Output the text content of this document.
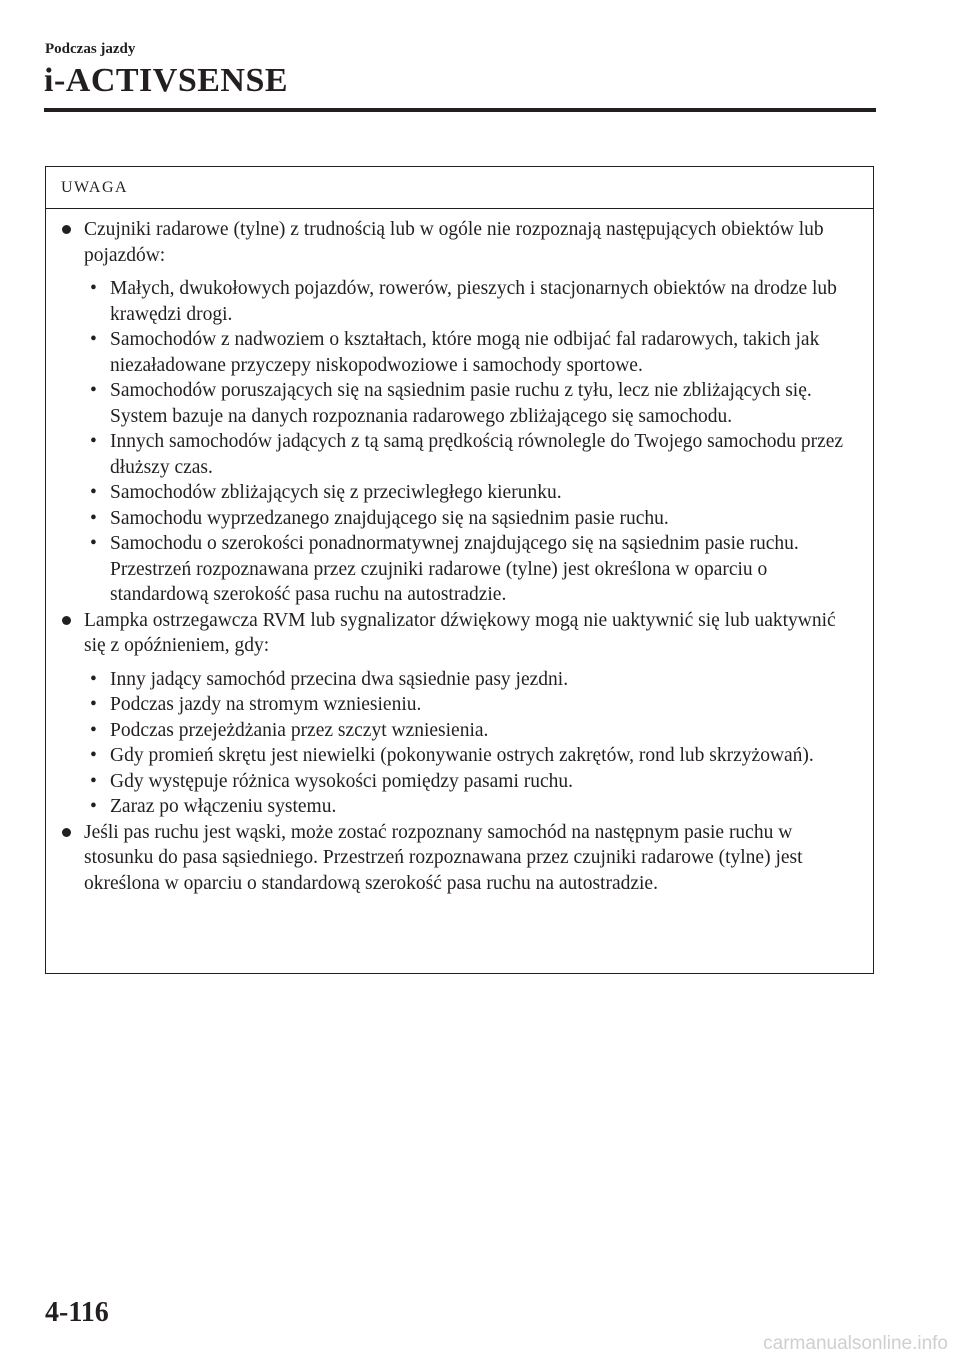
Podczas jazdy
i-ACTIVSENSE
UWAGA
Czujniki radarowe (tylne) z trudnością lub w ogóle nie rozpoznają następujących obiektów lub pojazdów:
• Małych, dwukołowych pojazdów, rowerów, pieszych i stacjonarnych obiektów na drodze lub krawędzi drogi.
• Samochodów z nadwoziem o kształtach, które mogą nie odbijać fal radarowych, takich jak niezaładowane przyczepy niskopodwoziowe i samochody sportowe.
• Samochodów poruszających się na sąsiednim pasie ruchu z tyłu, lecz nie zbliżających się. System bazuje na danych rozpoznania radarowego zbliżającego się samochodu.
• Innych samochodów jadących z tą samą prędkością równolegle do Twojego samochodu przez dłuższy czas.
• Samochodów zbliżających się z przeciwległego kierunku.
• Samochodu wyprzedzanego znajdującego się na sąsiednim pasie ruchu.
• Samochodu o szerokości ponadnormatywnej znajdującego się na sąsiednim pasie ruchu. Przestrzeń rozpoznawana przez czujniki radarowe (tylne) jest określona w oparciu o standardową szerokość pasa ruchu na autostradzie.
Lampka ostrzegawcza RVM lub sygnalizator dźwiękowy mogą nie uaktywnić się lub uaktywnić się z opóźnieniem, gdy:
• Inny jadący samochód przecina dwa sąsiednie pasy jezdni.
• Podczas jazdy na stromym wzniesieniu.
• Podczas przejeżdżania przez szczyt wzniesienia.
• Gdy promień skrętu jest niewielki (pokonywanie ostrych zakrętów, rond lub skrzyżowań).
• Gdy występuje różnica wysokości pomiędzy pasami ruchu.
• Zaraz po włączeniu systemu.
Jeśli pas ruchu jest wąski, może zostać rozpoznany samochód na następnym pasie ruchu w stosunku do pasa sąsiedniego. Przestrzeń rozpoznawana przez czujniki radarowe (tylne) jest określona w oparciu o standardową szerokość pasa ruchu na autostradzie.
4-116
carmanualsonline.info
